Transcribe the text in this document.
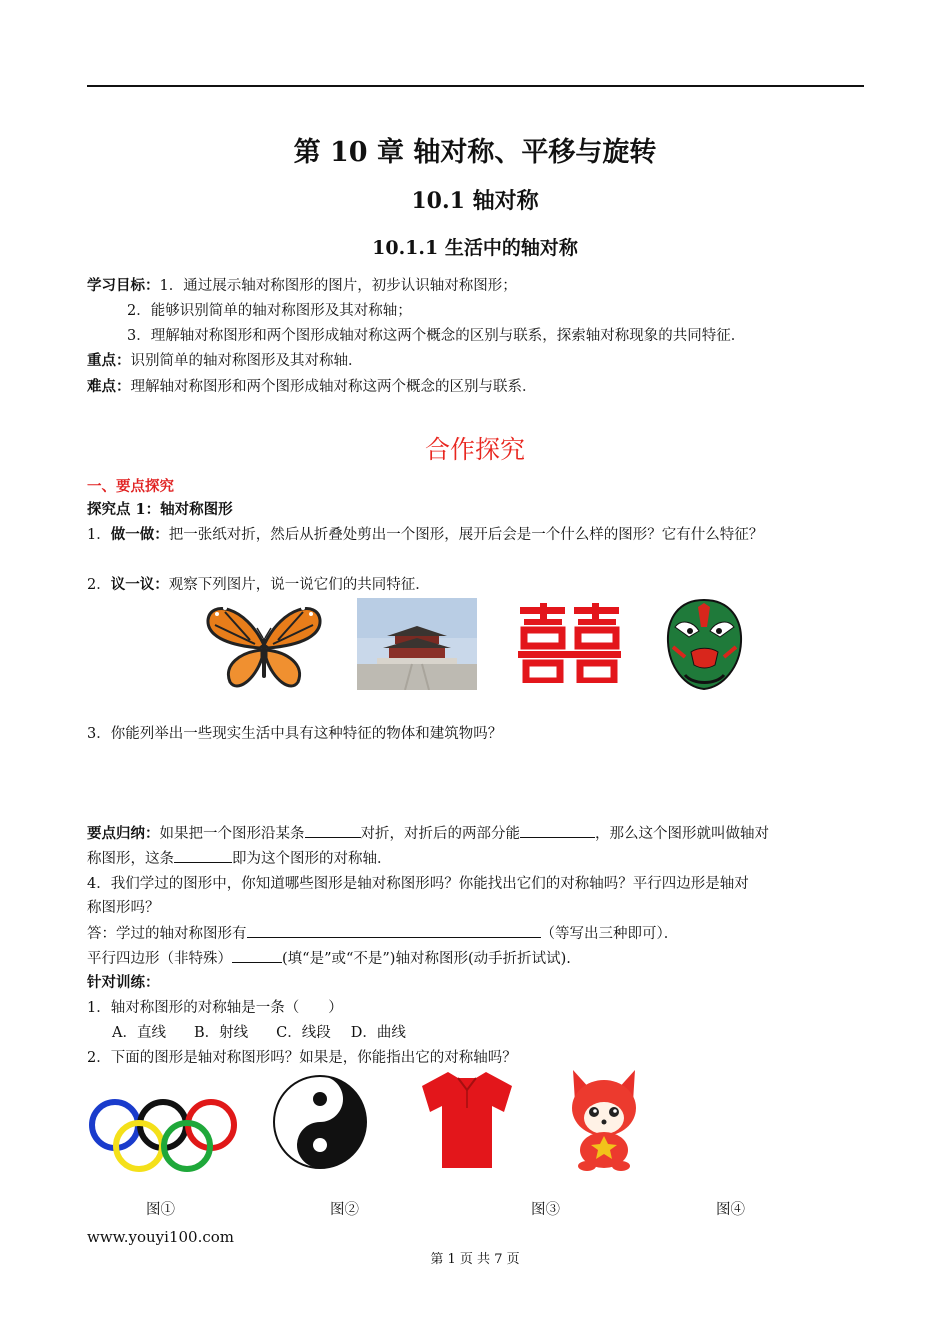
第 10 章 轴对称、平移与旋转
10.1 轴对称
10.1.1 生活中的轴对称
学习目标：1．通过展示轴对称图形的图片，初步认识轴对称图形；
2．能够识别简单的轴对称图形及其对称轴；
3．理解轴对称图形和两个图形成轴对称这两个概念的区别与联系，探索轴对称现象的共同特征．
重点：识别简单的轴对称图形及其对称轴．
难点：理解轴对称图形和两个图形成轴对称这两个概念的区别与联系．
合作探究
一、要点探究
探究点 1：轴对称图形
1．做一做：把一张纸对折，然后从折叠处剪出一个图形，展开后会是一个什么样的图形？它有什么特征？
2．议一议：观察下列图片，说一说它们的共同特征．
3．你能列举出一些现实生活中具有这种特征的物体和建筑物吗？
要点归纳：如果把一个图形沿某条	对折，对折后的两部分能	，那么这个图形就叫做轴对
称图形，这条	即为这个图形的对称轴．
4．我们学过的图形中，你知道哪些图形是轴对称图形吗？你能找出它们的对称轴吗？平行四边形是轴对
称图形吗？
答：学过的轴对称图形有	（等写出三种即可）．
平行四边形（非特殊）	(填“是”或“不是”)轴对称图形(动手折折试试).
针对训练：
1．轴对称图形的对称轴是一条（　　）
A．直线 B．射线 C．线段 D．曲线
2．下面的图形是轴对称图形吗？如果是，你能指出它的对称轴吗？
图①	图②	图③	图④
www.youyi100.com
第 1 页 共 7 页
